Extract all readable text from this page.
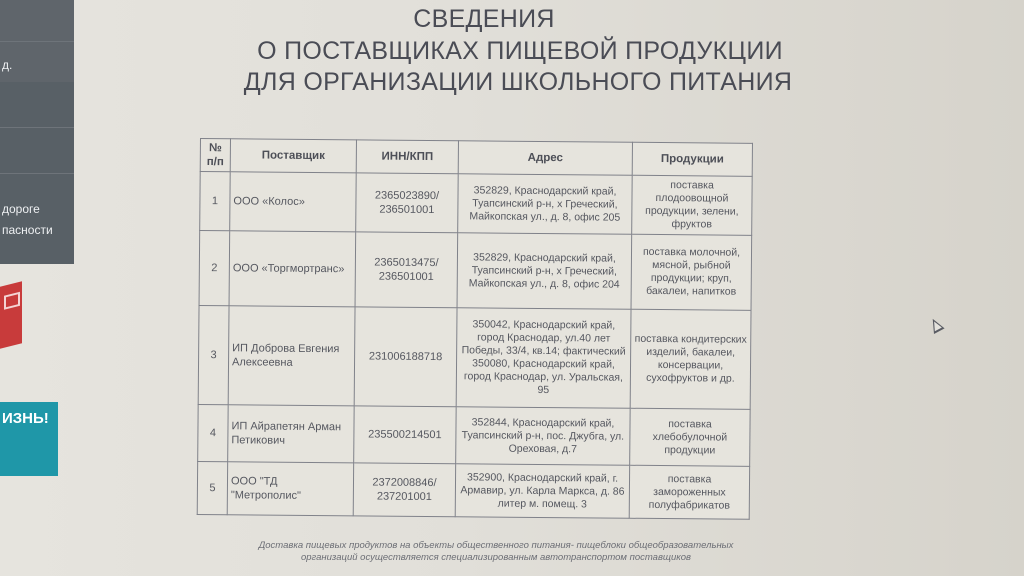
д.
дороге
пасности
ИЗНЬ!
СВЕДЕНИЯ
О ПОСТАВЩИКАХ ПИЩЕВОЙ ПРОДУКЦИИ
ДЛЯ ОРГАНИЗАЦИИ ШКОЛЬНОГО ПИТАНИЯ
№ п/п	Поставщик	ИНН/КПП	Адрес	Продукции
1	ООО «Колос»	2365023890/ 236501001	352829, Краснодарский край, Туапсинский р-н, х Греческий, Майкопская ул., д. 8, офис 205	поставка плодоовощной продукции, зелени, фруктов
2	ООО «Торгмортранс»	2365013475/ 236501001	352829, Краснодарский край, Туапсинский р-н, х Греческий, Майкопская ул., д. 8, офис 204	поставка молочной, мясной, рыбной продукции; круп, бакалеи, напитков
3	ИП Доброва Евгения Алексеевна	231006188718	350042, Краснодарский край, город Краснодар, ул.40 лет Победы, 33/4, кв.14; фактический 350080, Краснодарский край, город Краснодар, ул. Уральская, 95	поставка кондитерских изделий, бакалеи, консервации, сухофруктов и др.
4	ИП Айрапетян Арман Петикович	235500214501	352844, Краснодарский край, Туапсинский р-н, пос. Джубга, ул. Ореховая, д.7	поставка хлебобулочной продукции
5	ООО "ТД "Метрополис"	2372008846/ 237201001	352900, Краснодарский край, г. Армавир, ул. Карла Маркса, д. 86 литер м. помещ. 3	поставка замороженных полуфабрикатов
Доставка пищевых продуктов на объекты общественного питания- пищеблоки общеобразовательных
организаций осуществляется специализированным автотранспортом поставщиков
